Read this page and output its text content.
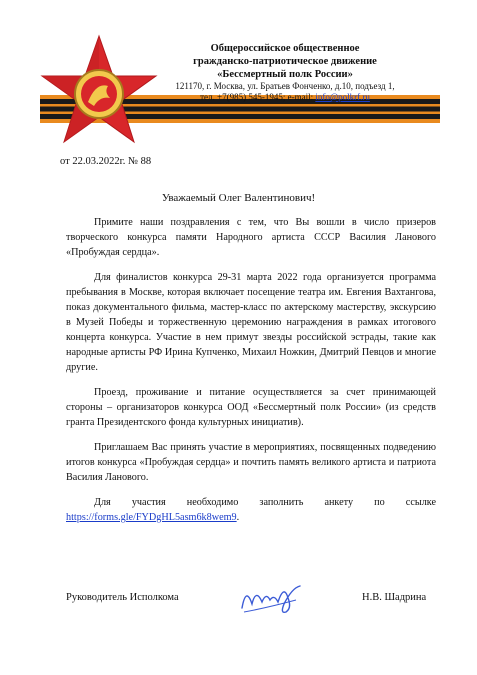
Общероссийское общественное
гражданско-патриотическое движение
«Бессмертный полк России»
121170, г. Москва, ул. Братьев Фонченко, д.10, подъезд 1,
тел. +7(985) 545-1945; e-mail: info@polkrf.ru
от 22.03.2022г. № 88
Уважаемый Олег Валентинович!

Примите наши поздравления с тем, что Вы вошли в число призеров творческого конкурса памяти Народного артиста СССР Василия Ланового «Пробуждая сердца».

Для финалистов конкурса 29-31 марта 2022 года организуется программа пребывания в Москве, которая включает посещение театра им. Евгения Вахтангова, показ документального фильма, мастер-класс по актерскому мастерству, экскурсию в Музей Победы и торжественную церемонию награждения в рамках итогового концерта конкурса. Участие в нем примут звезды российской эстрады, такие как народные артисты РФ Ирина Купченко, Михаил Ножкин, Дмитрий Певцов и многие другие.

Проезд, проживание и питание осуществляется за счет принимающей стороны – организаторов конкурса ООД «Бессмертный полк России» (из средств гранта Президентского фонда культурных инициатив).

Приглашаем Вас принять участие в мероприятиях, посвященных подведению итогов конкурса «Пробуждая сердца» и почтить память великого артиста и патриота Василия Ланового.

Для участия необходимо заполнить анкету по ссылке https://forms.gle/FYDgHL5asm6k8wem9.

Руководитель Исполкома	Н.В. Шадрина
